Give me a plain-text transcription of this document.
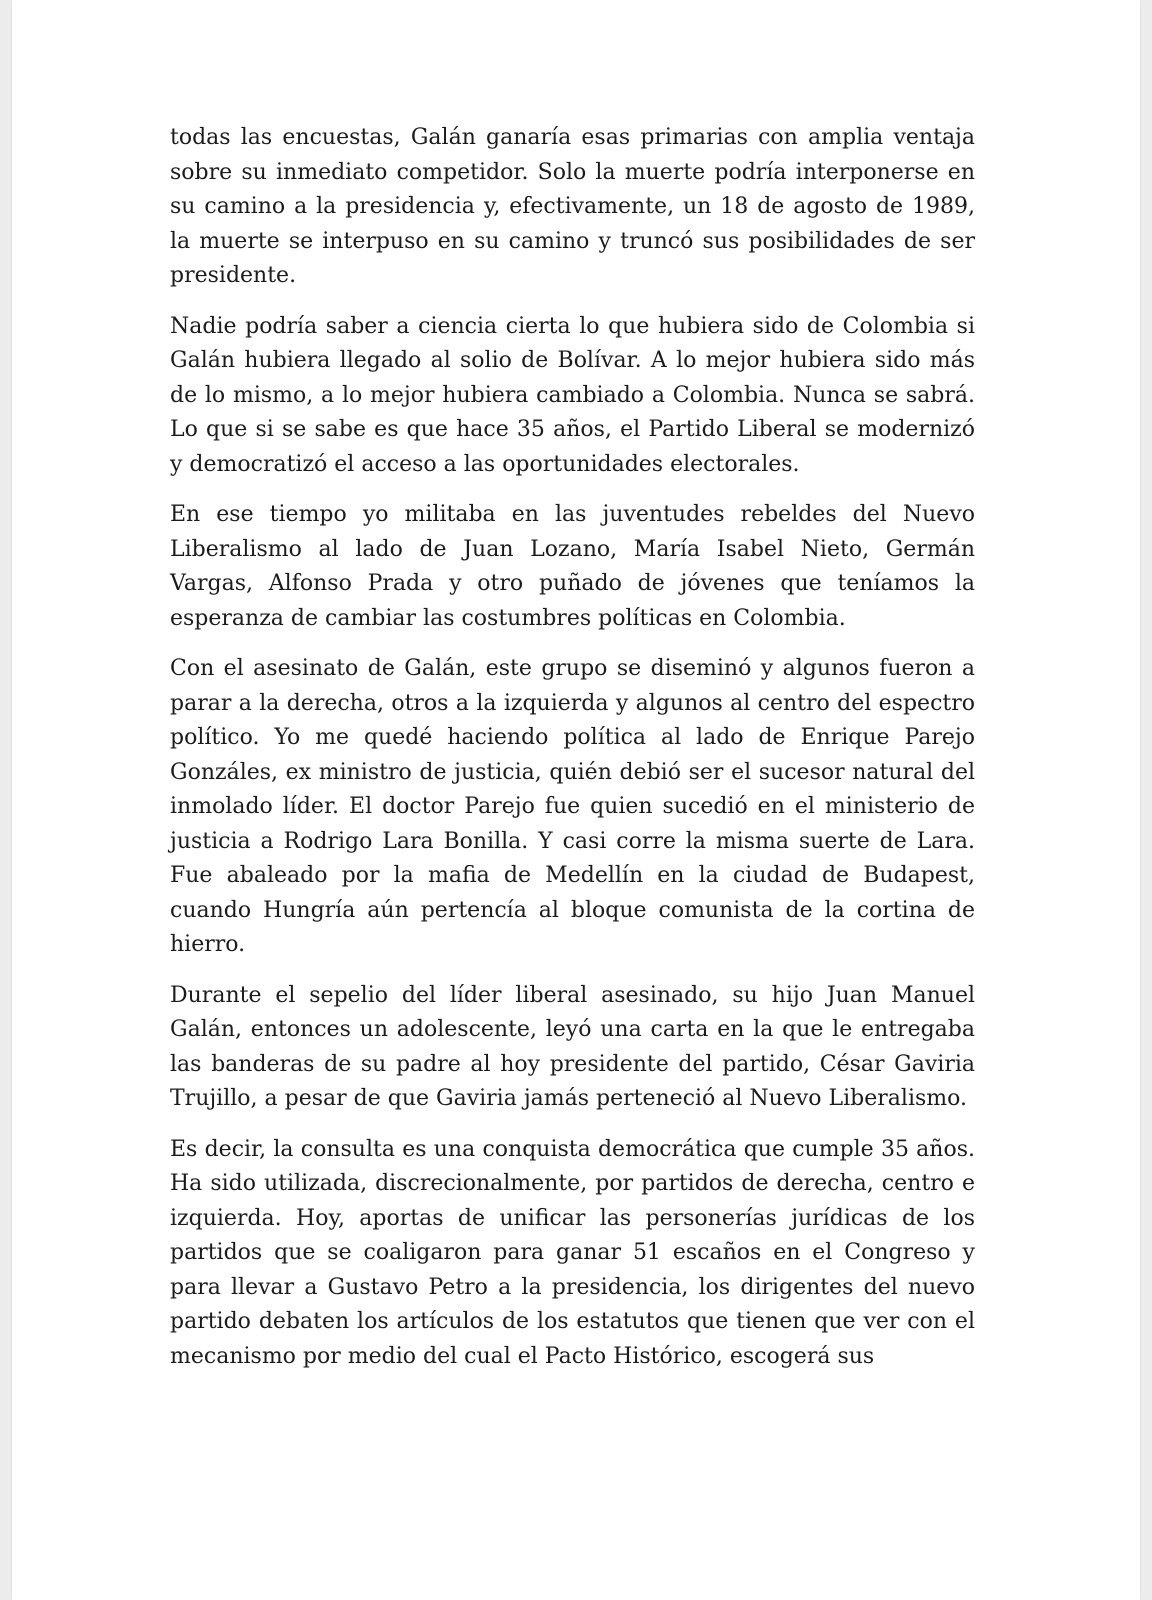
todas las encuestas, Galán ganaría esas primarias con amplia ventaja sobre su inmediato competidor. Solo la muerte podría interponerse en su camino a la presidencia y, efectivamente, un 18 de agosto de 1989, la muerte se interpuso en su camino y truncó sus posibilidades de ser presidente.

Nadie podría saber a ciencia cierta lo que hubiera sido de Colombia si Galán hubiera llegado al solio de Bolívar. A lo mejor hubiera sido más de lo mismo, a lo mejor hubiera cambiado a Colombia. Nunca se sabrá. Lo que si se sabe es que hace 35 años, el Partido Liberal se modernizó y democratizó el acceso a las oportunidades electorales.

En ese tiempo yo militaba en las juventudes rebeldes del Nuevo Liberalismo al lado de Juan Lozano, María Isabel Nieto, Germán Vargas, Alfonso Prada y otro puñado de jóvenes que teníamos la esperanza de cambiar las costumbres políticas en Colombia.

Con el asesinato de Galán, este grupo se diseminó y algunos fueron a parar a la derecha, otros a la izquierda y algunos al centro del espectro político. Yo me quedé haciendo política al lado de Enrique Parejo Gonzáles, ex ministro de justicia, quién debió ser el sucesor natural del inmolado líder. El doctor Parejo fue quien sucedió en el ministerio de justicia a Rodrigo Lara Bonilla. Y casi corre la misma suerte de Lara. Fue abaleado por la mafia de Medellín en la ciudad de Budapest, cuando Hungría aún pertencía al bloque comunista de la cortina de hierro.

Durante el sepelio del líder liberal asesinado, su hijo Juan Manuel Galán, entonces un adolescente, leyó una carta en la que le entregaba las banderas de su padre al hoy presidente del partido, César Gaviria Trujillo, a pesar de que Gaviria jamás perteneció al Nuevo Liberalismo.

Es decir, la consulta es una conquista democrática que cumple 35 años. Ha sido utilizada, discrecionalmente, por partidos de derecha, centro e izquierda. Hoy, aportas de unificar las personerías jurídicas de los partidos que se coaligaron para ganar 51 escaños en el Congreso y para llevar a Gustavo Petro a la presidencia, los dirigentes del nuevo partido debaten los artículos de los estatutos que tienen que ver con el mecanismo por medio del cual el Pacto Histórico, escogerá sus
